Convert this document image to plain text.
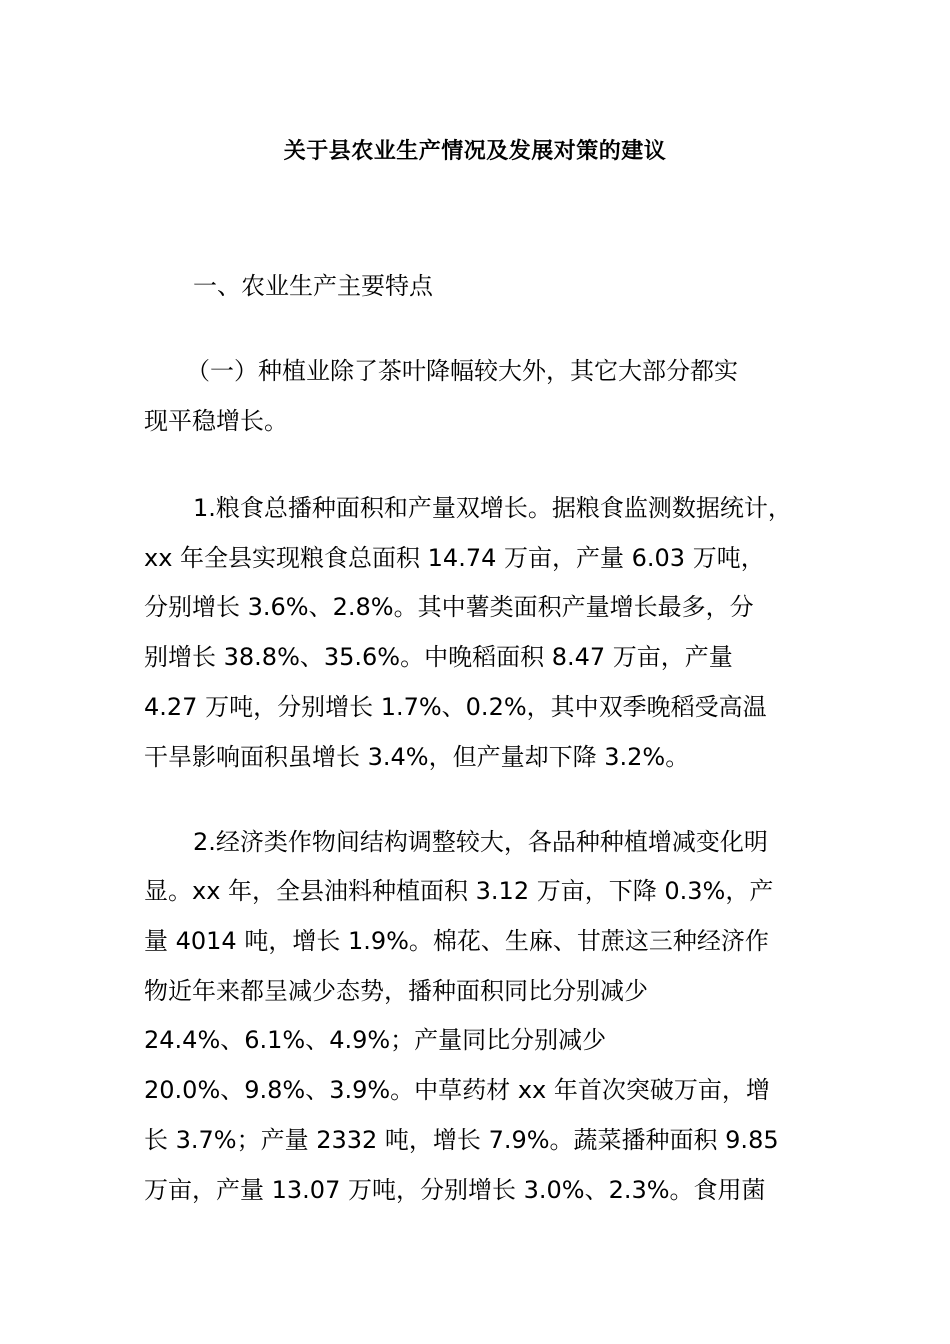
关于县农业生产情况及发展对策的建议
一、农业生产主要特点
（一）种植业除了茶叶降幅较大外，其它大部分都实
现平稳增长。
1.粮食总播种面积和产量双增长。据粮食监测数据统计，
xx 年全县实现粮食总面积 14.74 万亩，产量 6.03 万吨，
分别增长 3.6%、2.8%。其中薯类面积产量增长最多，分
别增长 38.8%、35.6%。中晚稻面积 8.47 万亩，产量
4.27 万吨，分别增长 1.7%、0.2%，其中双季晚稻受高温
干旱影响面积虽增长 3.4%，但产量却下降 3.2%。
2.经济类作物间结构调整较大，各品种种植增减变化明
显。xx 年，全县油料种植面积 3.12 万亩，下降 0.3%，产
量 4014 吨，增长 1.9%。棉花、生麻、甘蔗这三种经济作
物近年来都呈减少态势，播种面积同比分别减少
24.4%、6.1%、4.9%；产量同比分别减少
20.0%、9.8%、3.9%。中草药材 xx 年首次突破万亩，增
长 3.7%；产量 2332 吨，增长 7.9%。蔬菜播种面积 9.85
万亩，产量 13.07 万吨，分别增长 3.0%、2.3%。食用菌
